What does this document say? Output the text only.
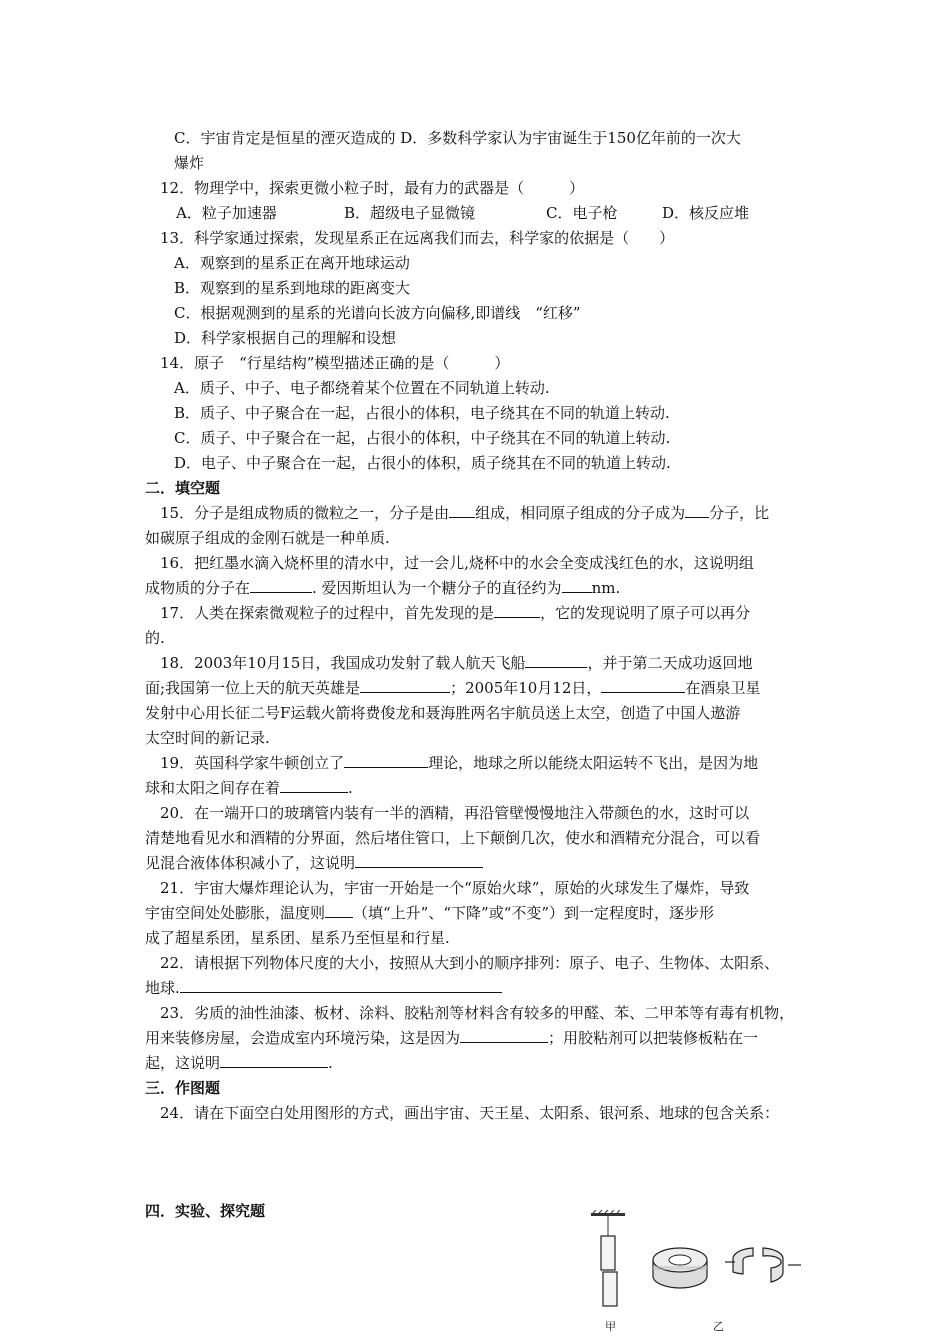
C．宇宙肯定是恒星的湮灭造成的 D．多数科学家认为宇宙诞生于150亿年前的一次大
爆炸
12．物理学中，探索更微小粒子时，最有力的武器是（　　　）
A．粒子加速器	B．超级电子显微镜	C．电子枪	D．核反应堆
13．科学家通过探索，发现星系正在远离我们而去，科学家的依据是（　　）
A．观察到的星系正在离开地球运动
B．观察到的星系到地球的距离变大
C．根据观测到的星系的光谱向长波方向偏移,即谱线　“红移”
D．科学家根据自己的理解和设想
14．原子　“行星结构”模型描述正确的是（　　　）
A．质子、中子、电子都绕着某个位置在不同轨道上转动.
B．质子、中子聚合在一起，占很小的体积，电子绕其在不同的轨道上转动.
C．质子、中子聚合在一起，占很小的体积，中子绕其在不同的轨道上转动.
D．电子、中子聚合在一起，占很小的体积，质子绕其在不同的轨道上转动.
二．填空题
15．分子是组成物质的微粒之一，分子是由 组成，相同原子组成的分子成为 分子，比
如碳原子组成的金刚石就是一种单质.
16．把红墨水滴入烧杯里的清水中，过一会儿,烧杯中的水会全变成浅红色的水，这说明组
成物质的分子在	. 爱因斯坦认为一个糖分子的直径约为 nm.
17．人类在探索微观粒子的过程中，首先发现的是	，它的发现说明了原子可以再分
的.
18．2003年10月15日，我国成功发射了载人航天飞船	，并于第二天成功返回地
面;我国第一位上天的航天英雄是	；2005年10月12日，	在酒泉卫星
发射中心用长征二号F运载火箭将费俊龙和聂海胜两名宇航员送上太空，创造了中国人遨游
太空时间的新记录.
19．英国科学家牛顿创立了	理论，地球之所以能绕太阳运转不飞出，是因为地
球和太阳之间存在着	.
20．在一端开口的玻璃管内装有一半的酒精，再沿管壁慢慢地注入带颜色的水，这时可以
清楚地看见水和酒精的分界面，然后堵住管口，上下颠倒几次，使水和酒精充分混合，可以看
见混合液体体积减小了，这说明
21．宇宙大爆炸理论认为，宇宙一开始是一个“原始火球”，原始的火球发生了爆炸，导致
宇宙空间处处膨胀，温度则 （填“上升”、“下降”或“不变”）到一定程度时，逐步形
成了超星系团，星系团、星系乃至恒星和行星.
22．请根据下列物体尺度的大小，按照从大到小的顺序排列：原子、电子、生物体、太阳系、
地球.
23．劣质的油性油漆、板材、涂料、胶粘剂等材料含有较多的甲醛、苯、二甲苯等有毒有机物，
用来装修房屋，会造成室内环境污染，这是因为	；用胶粘剂可以把装修板粘在一
起，这说明	.
三．作图题
24．请在下面空白处用图形的方式，画出宇宙、天王星、太阳系、银河系、地球的包含关系：
四．实验、探究题
甲	乙
